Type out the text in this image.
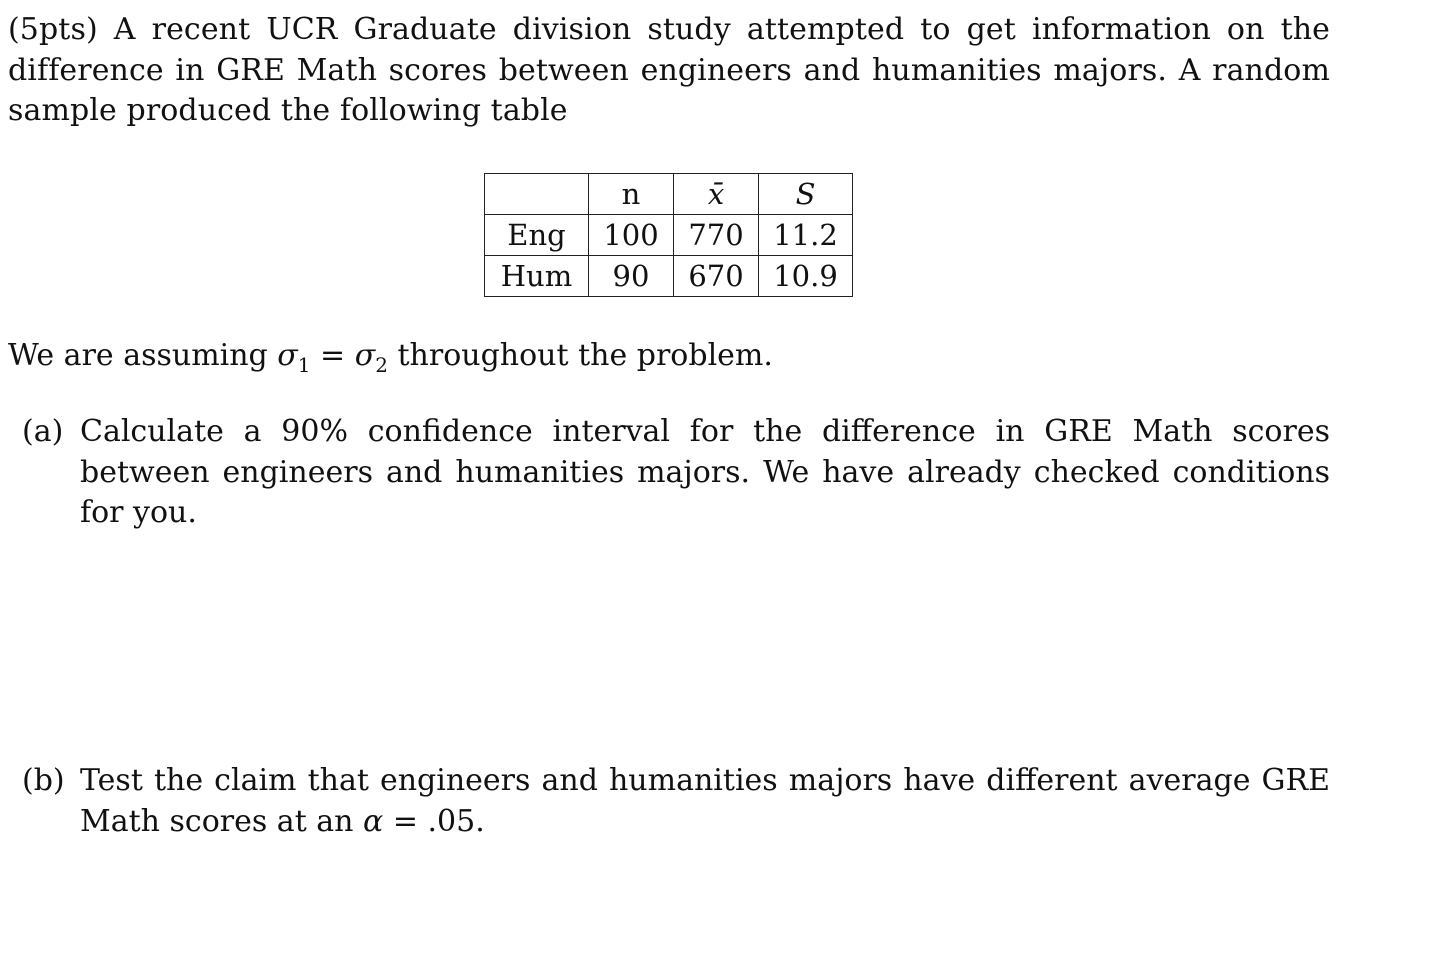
(5pts) A recent UCR Graduate division study attempted to get information on the difference in GRE Math scores between engineers and humanities majors. A random sample produced the following table

	n	x̄	S
Eng	100	770	11.2
Hum	90	670	10.9

We are assuming $\sigma_1 = \sigma_2$ throughout the problem.

(a) Calculate a 90% confidence interval for the difference in GRE Math scores between engineers and humanities majors. We have already checked conditions for you.
(b) Test the claim that engineers and humanities majors have different average GRE Math scores at an α = .05.
